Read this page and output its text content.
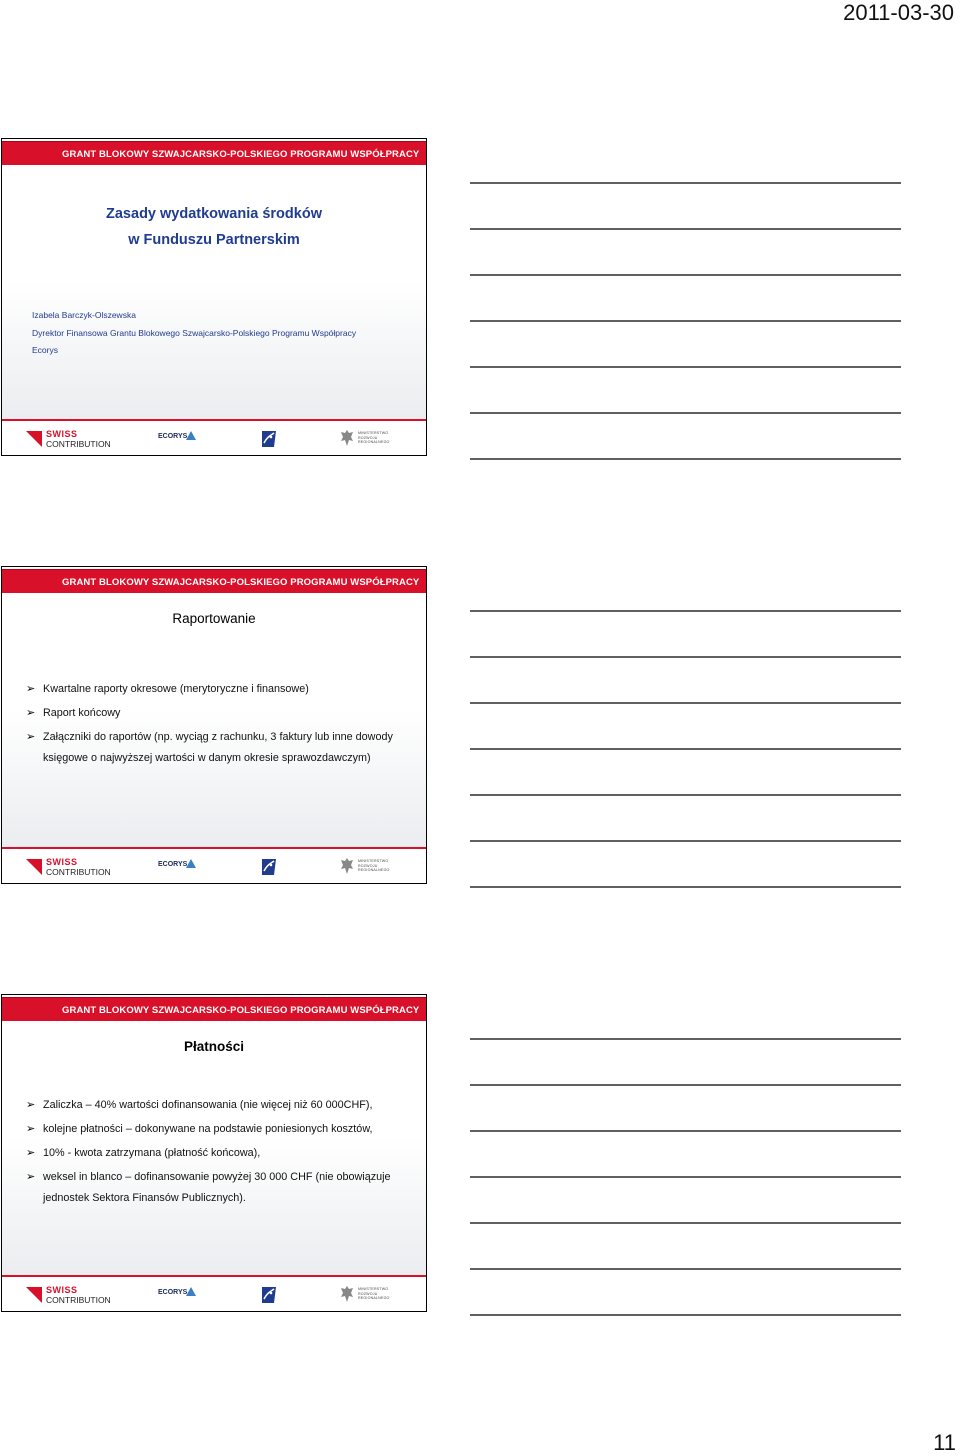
2011-03-30
GRANT BLOKOWY SZWAJCARSKO-POLSKIEGO PROGRAMU WSPÓŁPRACY
Zasady wydatkowania środków
w Funduszu Partnerskim
Izabela Barczyk-Olszewska
Dyrektor Finansowa Grantu Blokowego Szwajcarsko-Polskiego Programu Współpracy
Ecorys
SWISS
CONTRIBUTION
ECORYS	MINISTERSTWO
ROZWOJU
REGIONALNEGO
GRANT BLOKOWY SZWAJCARSKO-POLSKIEGO PROGRAMU WSPÓŁPRACY
Raportowanie
➢ Kwartalne raporty okresowe (merytoryczne i finansowe)
➢ Raport końcowy
➢ Załączniki do raportów (np. wyciąg z rachunku, 3 faktury lub inne dowody księgowe o najwyższej wartości w danym okresie sprawozdawczym)
SWISS
CONTRIBUTION
ECORYS	MINISTERSTWO
ROZWOJU
REGIONALNEGO
GRANT BLOKOWY SZWAJCARSKO-POLSKIEGO PROGRAMU WSPÓŁPRACY
Płatności
➢ Zaliczka – 40% wartości dofinansowania (nie więcej niż 60 000CHF),
➢ kolejne płatności – dokonywane na podstawie poniesionych kosztów,
➢ 10% - kwota zatrzymana (płatność końcowa),
➢ weksel in blanco – dofinansowanie powyżej 30 000 CHF (nie obowiązuje jednostek Sektora Finansów Publicznych).
SWISS
CONTRIBUTION
ECORYS	MINISTERSTWO
ROZWOJU
REGIONALNEGO
11
